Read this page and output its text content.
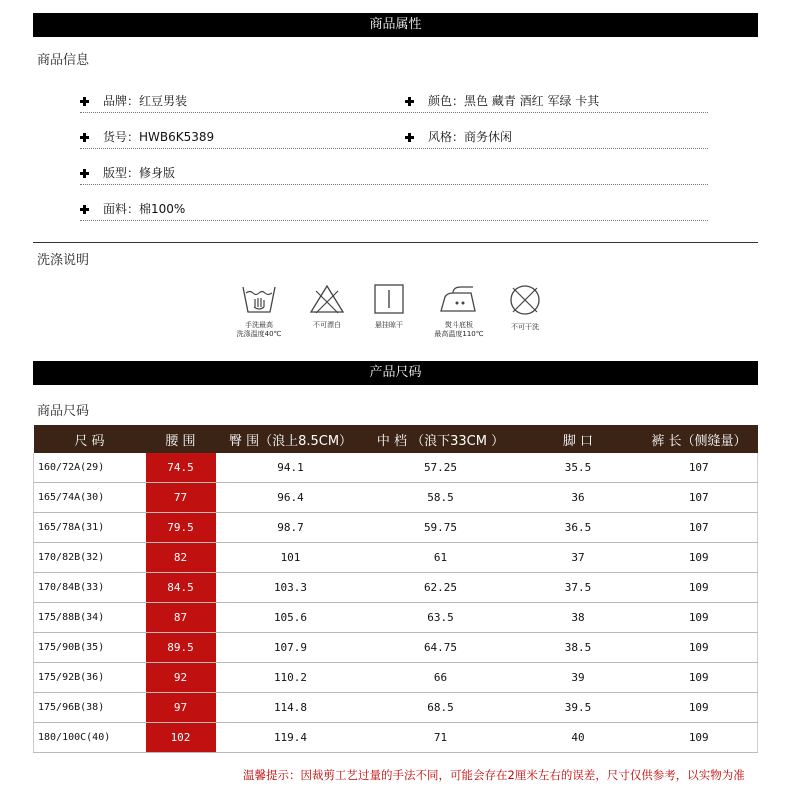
商品属性
商品信息
品牌：红豆男装	颜色：黑色 藏青 酒红 军绿 卡其
货号：HWB6K5389	风格：商务休闲
版型：修身版
面料：棉100%
洗涤说明
手洗最高
洗涤温度40℃
不可漂白	悬挂晾干	熨斗底板
最高温度110℃
不可干洗
产品尺码
商品尺码
尺 码	腰 围	臀 围（浪上8.5CM）	中 档 （浪下33CM ）	脚 口	裤 长（侧缝量）
160/72A(29)	74.5	94.1	57.25	35.5	107
165/74A(30)	77	96.4	58.5	36	107
165/78A(31)	79.5	98.7	59.75	36.5	107
170/82B(32)	82	101	61	37	109
170/84B(33)	84.5	103.3	62.25	37.5	109
175/88B(34)	87	105.6	63.5	38	109
175/90B(35)	89.5	107.9	64.75	38.5	109
175/92B(36)	92	110.2	66	39	109
175/96B(38)	97	114.8	68.5	39.5	109
180/100C(40)	102	119.4	71	40	109
温馨提示：因裁剪工艺过量的手法不同，可能会存在2厘米左右的误差，尺寸仅供参考，以实物为准
